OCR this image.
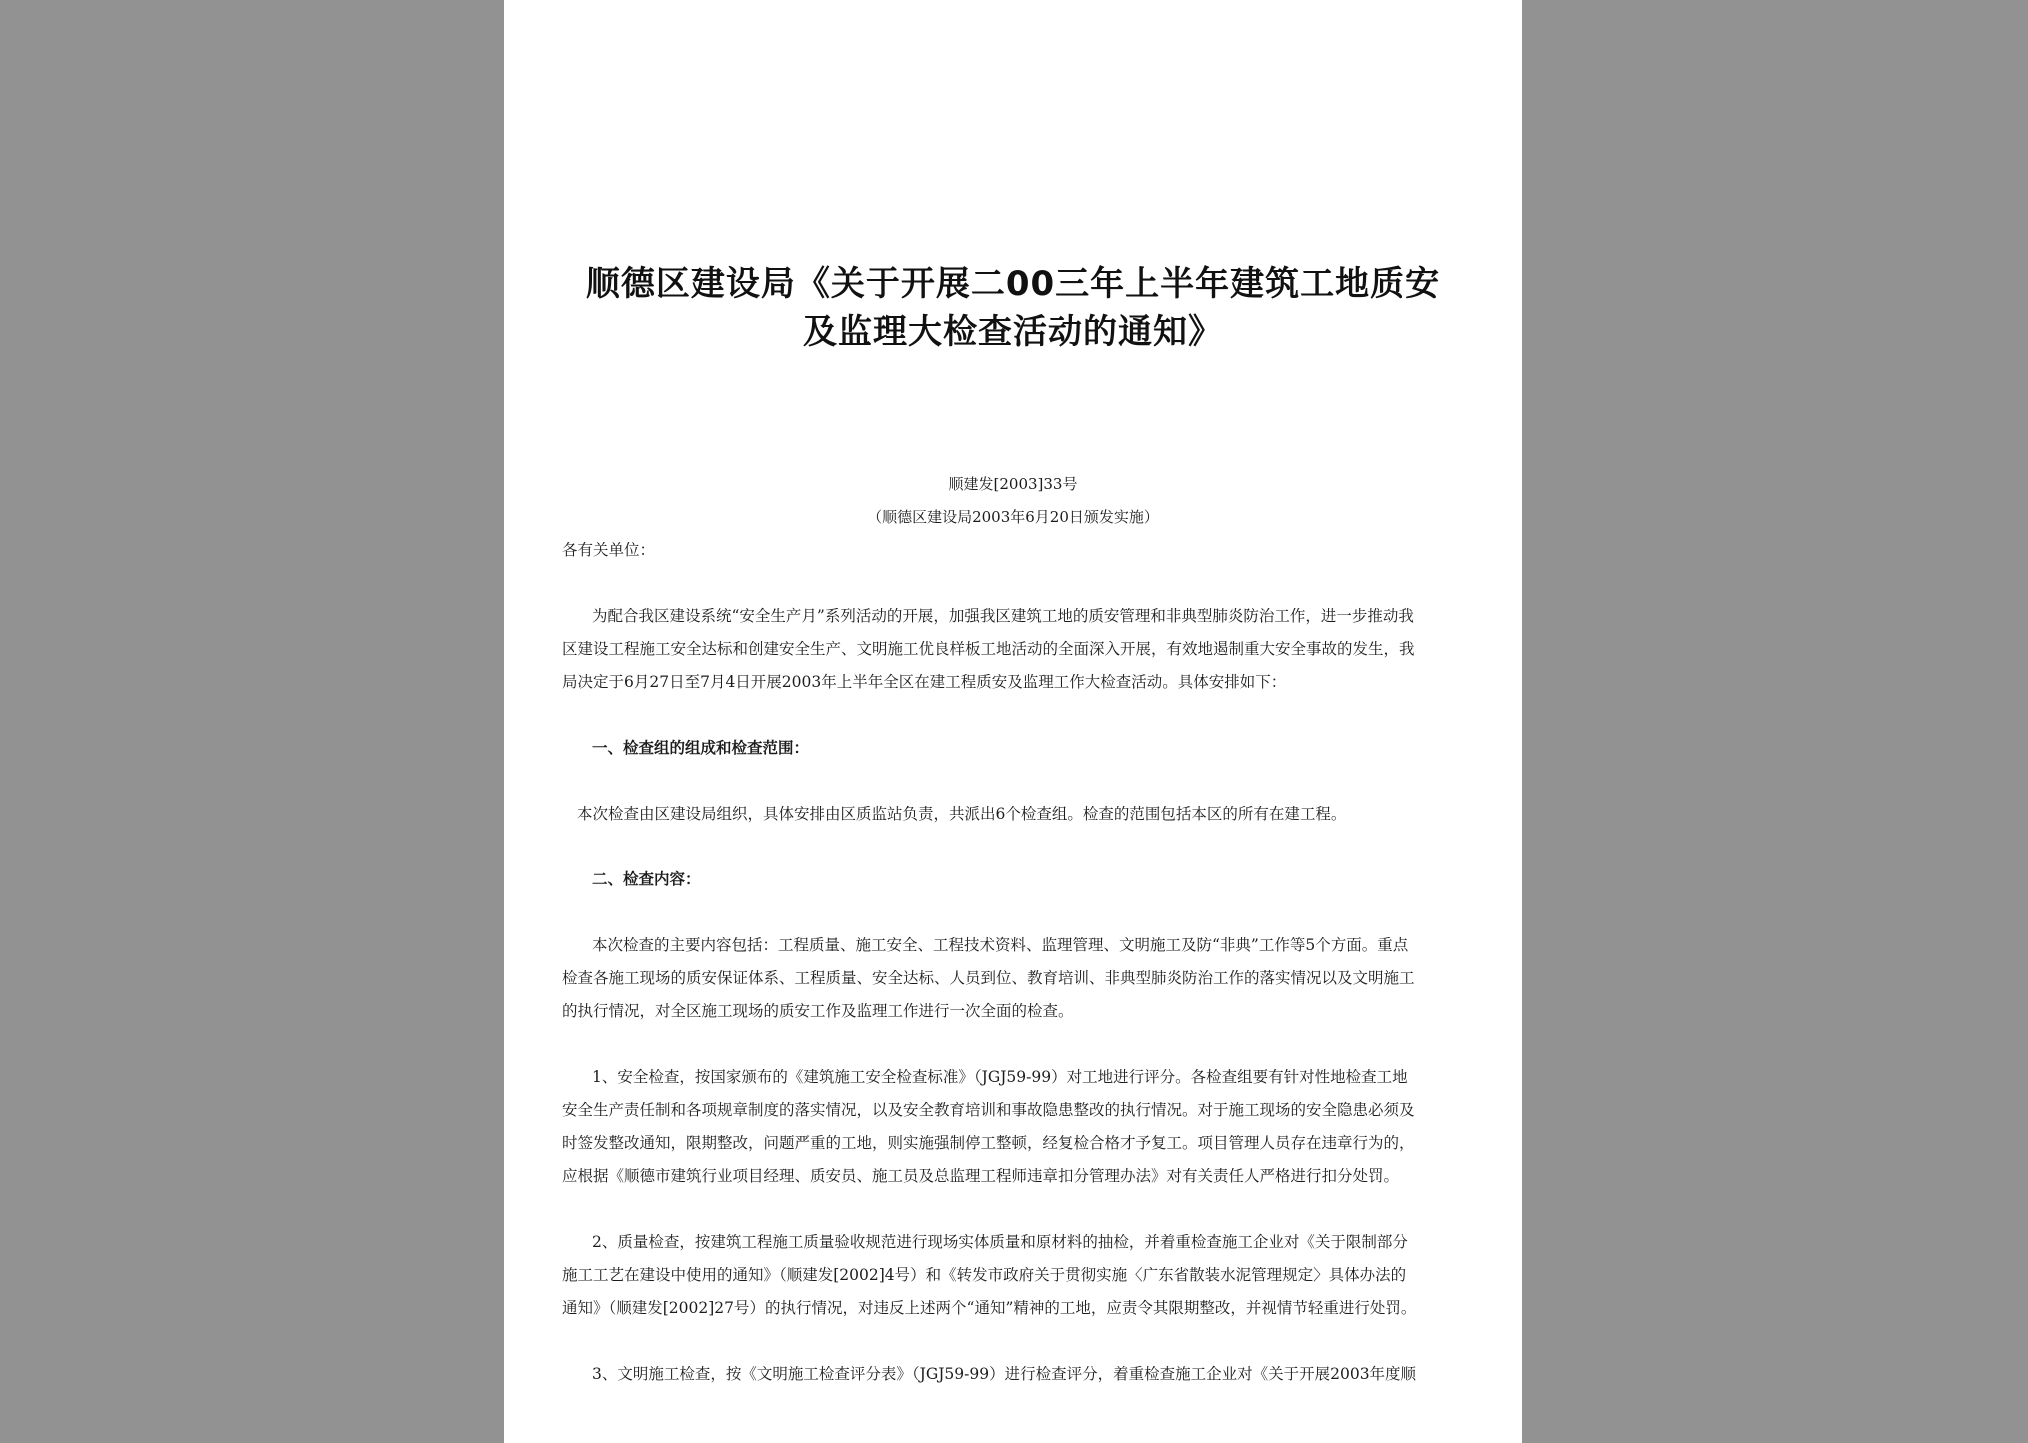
顺德区建设局《关于开展二00三年上半年建筑工地质安
及监理大检查活动的通知》
顺建发[2003]33号
（顺德区建设局2003年6月20日颁发实施）
各有关单位：
为配合我区建设系统“安全生产月”系列活动的开展，加强我区建筑工地的质安管理和非典型肺炎防治工作，进一步推动我
区建设工程施工安全达标和创建安全生产、文明施工优良样板工地活动的全面深入开展，有效地遏制重大安全事故的发生，我
局决定于6月27日至7月4日开展2003年上半年全区在建工程质安及监理工作大检查活动。具体安排如下：
一、检查组的组成和检查范围：
本次检查由区建设局组织，具体安排由区质监站负责，共派出6个检查组。检查的范围包括本区的所有在建工程。
二、检查内容：
本次检查的主要内容包括：工程质量、施工安全、工程技术资料、监理管理、文明施工及防“非典”工作等5个方面。重点
检查各施工现场的质安保证体系、工程质量、安全达标、人员到位、教育培训、非典型肺炎防治工作的落实情况以及文明施工
的执行情况，对全区施工现场的质安工作及监理工作进行一次全面的检查。
1、安全检查，按国家颁布的《建筑施工安全检查标准》（JGJ59-99）对工地进行评分。各检查组要有针对性地检查工地
安全生产责任制和各项规章制度的落实情况，以及安全教育培训和事故隐患整改的执行情况。对于施工现场的安全隐患必须及
时签发整改通知，限期整改，问题严重的工地，则实施强制停工整顿，经复检合格才予复工。项目管理人员存在违章行为的，
应根据《顺德市建筑行业项目经理、质安员、施工员及总监理工程师违章扣分管理办法》对有关责任人严格进行扣分处罚。
2、质量检查，按建筑工程施工质量验收规范进行现场实体质量和原材料的抽检，并着重检查施工企业对《关于限制部分
施工工艺在建设中使用的通知》（顺建发[2002]4号）和《转发市政府关于贯彻实施〈广东省散装水泥管理规定〉具体办法的
通知》（顺建发[2002]27号）的执行情况，对违反上述两个“通知”精神的工地，应责令其限期整改，并视情节轻重进行处罚。
3、文明施工检查，按《文明施工检查评分表》（JGJ59-99）进行检查评分，着重检查施工企业对《关于开展2003年度顺
